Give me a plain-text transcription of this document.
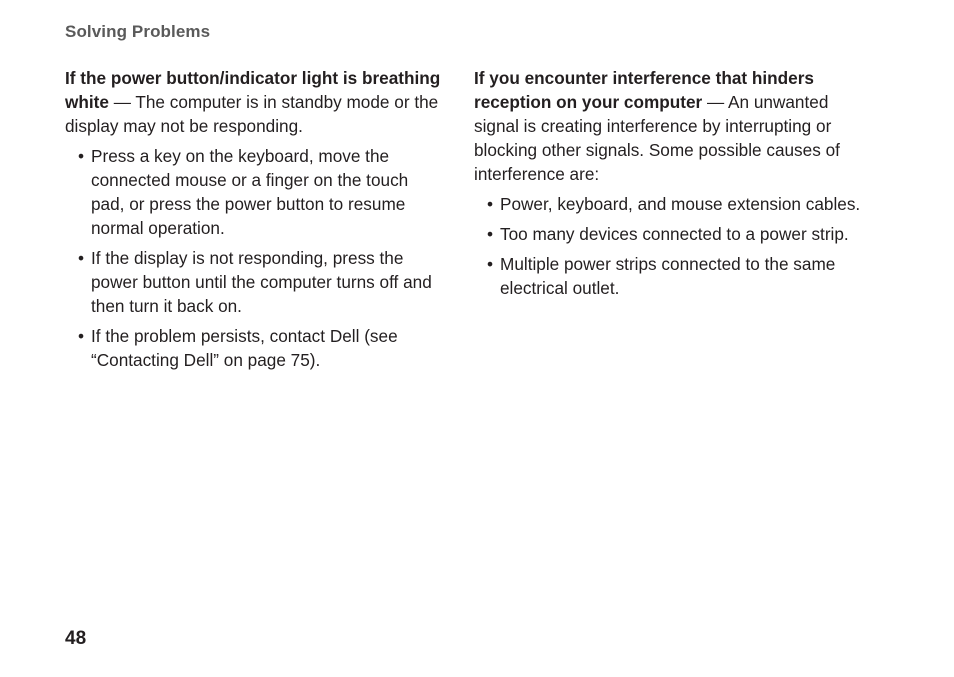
Solving Problems

If the power button/indicator light is breathing white — The computer is in standby mode or the display may not be responding.

• Press a key on the keyboard, move the connected mouse or a finger on the touch pad, or press the power button to resume normal operation.
• If the display is not responding, press the power button until the computer turns off and then turn it back on.
• If the problem persists, contact Dell (see “Contacting Dell” on page 75).

If you encounter interference that hinders reception on your computer — An unwanted signal is creating interference by interrupting or blocking other signals. Some possible causes of interference are:

• Power, keyboard, and mouse extension cables.
• Too many devices connected to a power strip.
• Multiple power strips connected to the same electrical outlet.
48
